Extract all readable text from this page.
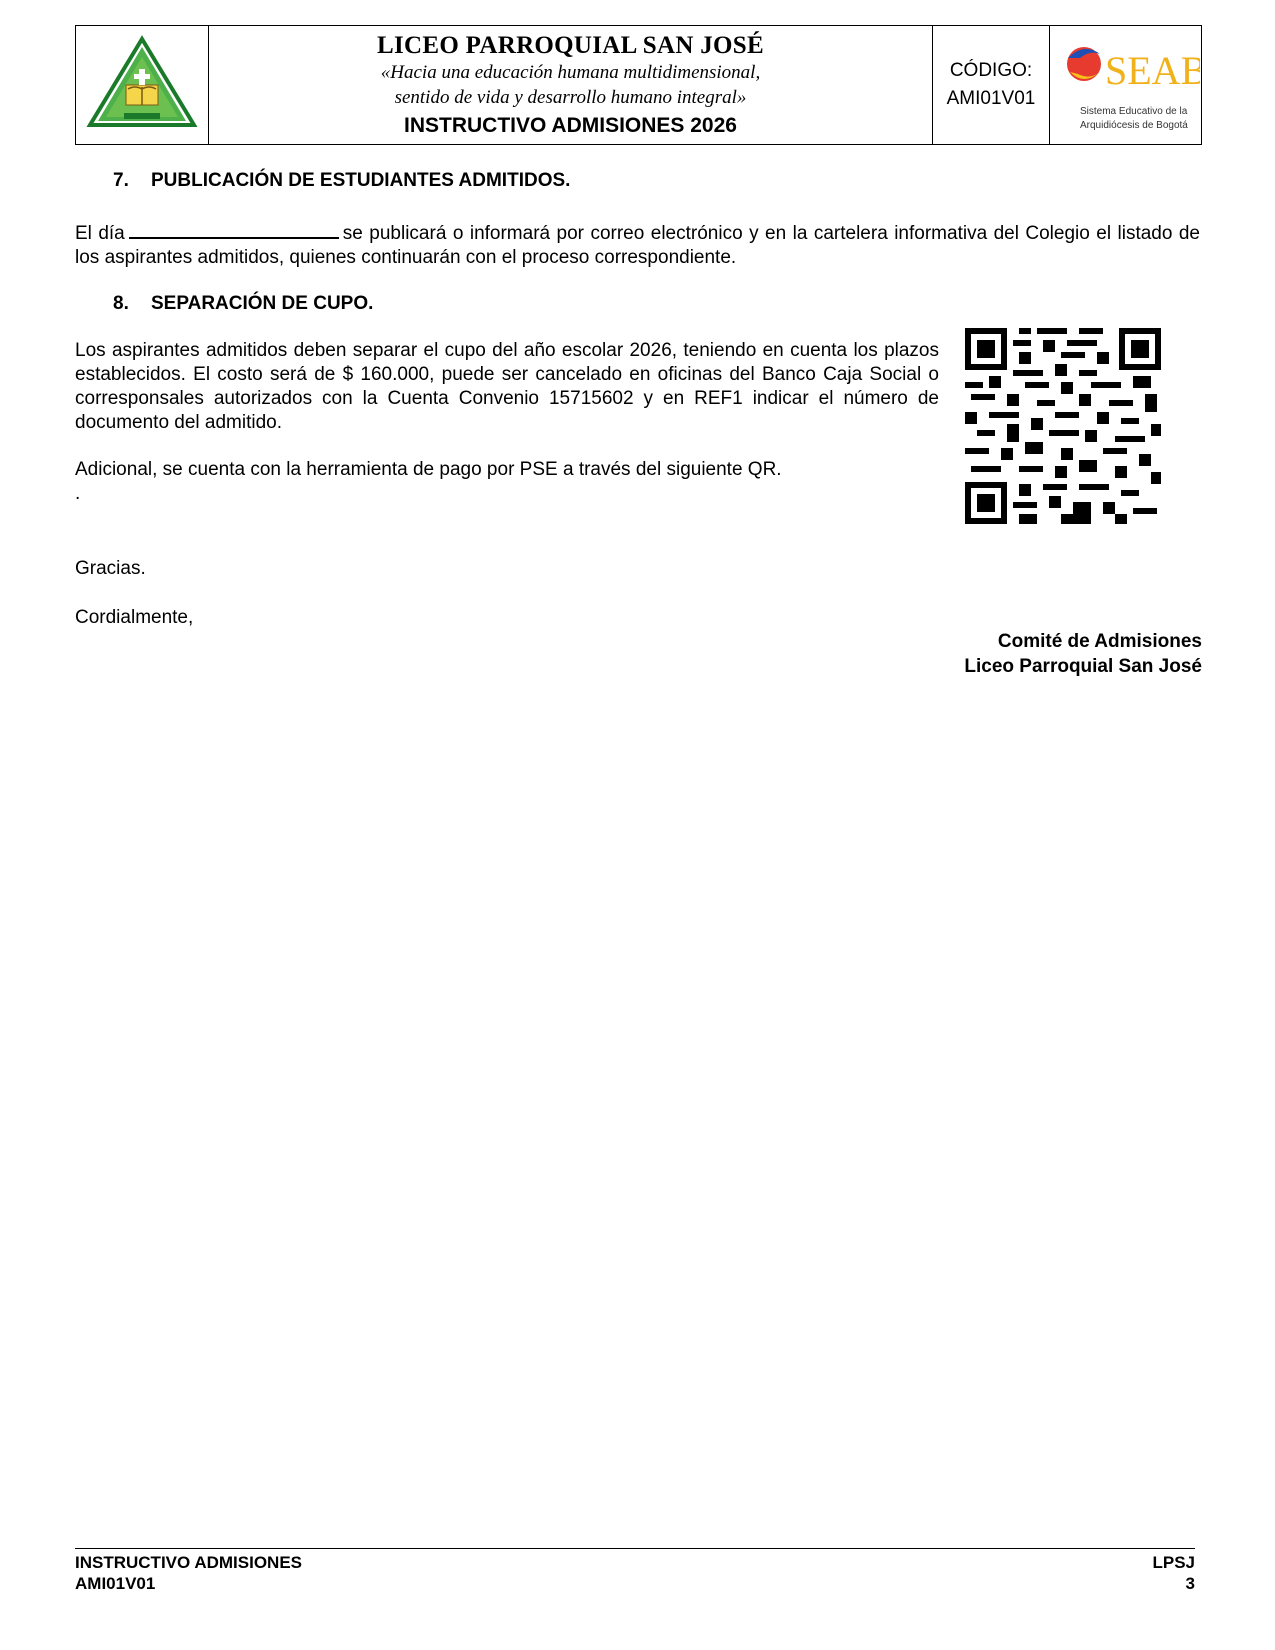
LICEO PARROQUIAL SAN JOSÉ
«Hacia una educación humana multidimensional,
sentido de vida y desarrollo humano integral»
INSTRUCTIVO ADMISIONES 2026

CÓDIGO:
AMI01V01

SEAB
Sistema Educativo de la
Arquidiócesis de Bogotá
7. PUBLICACIÓN DE ESTUDIANTES ADMITIDOS.
El día	se publicará o informará por correo electrónico y en la cartelera informativa del Colegio el listado de los aspirantes admitidos, quienes continuarán con el proceso correspondiente.
8. SEPARACIÓN DE CUPO.
Los aspirantes admitidos deben separar el cupo del año escolar 2026, teniendo en cuenta los plazos establecidos. El costo será de $ 160.000, puede ser cancelado en oficinas del Banco Caja Social o corresponsales autorizados con la Cuenta Convenio 15715602 y en REF1 indicar el número de documento del admitido.
Adicional, se cuenta con la herramienta de pago por PSE a través del siguiente QR.
.
Gracias.
Cordialmente,
Comité de Admisiones
Liceo Parroquial San José
INSTRUCTIVO ADMISIONES
AMI01V01
LPSJ
3
